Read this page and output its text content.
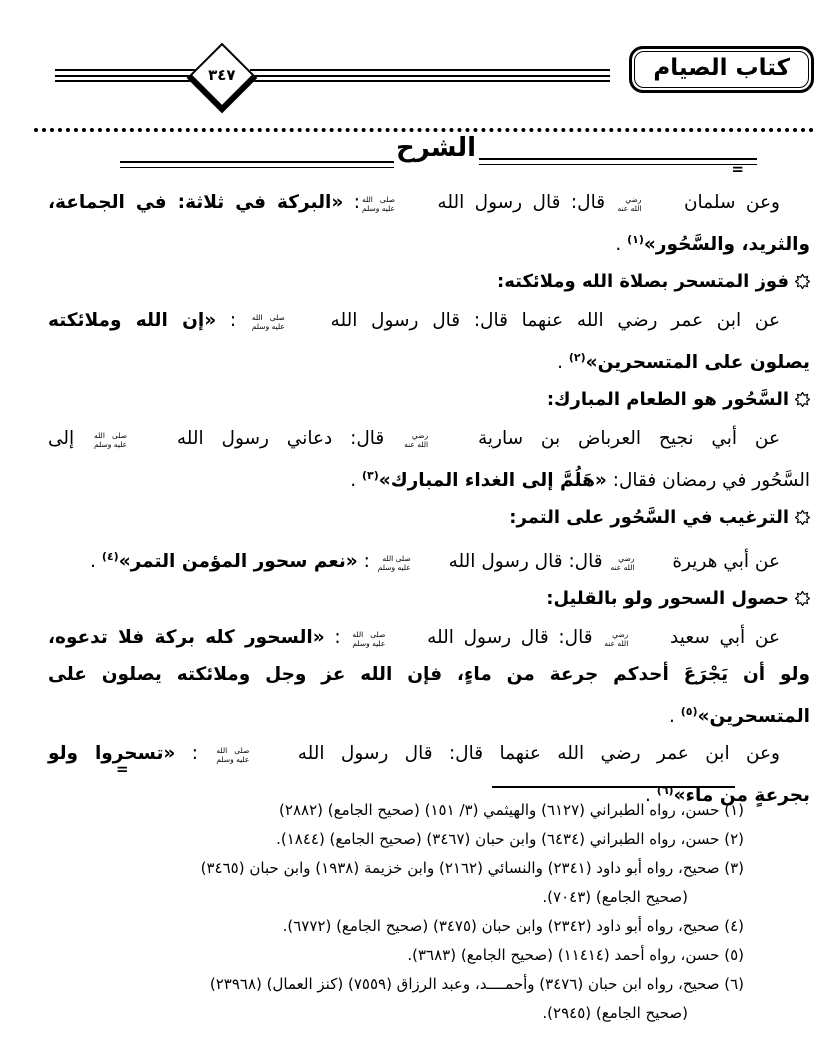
كتاب الصيام
٣٤٧
الشرح
=
وعن سلمان
رضي
الله عنه
قال: قال رسول الله
صلى الله
عليه وسلم
: «البركة في ثلاثة: في الجماعة،
والثريد، والسَّحُور»$^{(١)}$ .
فوز المتسحر بصلاة الله وملائكته:
عن ابن عمر رضي الله عنهما قال: قال رسول الله
صلى الله
عليه وسلم
: «إن الله وملائكته
يصلون على المتسحرين»$^{(٢)}$ .
السَّحُور هو الطعام المبارك:
عن أبي نجيح العرباض بن سارية
رضي
الله عنه
قال: دعاني رسول الله
صلى الله
عليه وسلم
إلى
السَّحُور في رمضان فقال: «هَلُمَّ إلى الغداء المبارك»$^{(٣)}$ .
الترغيب في السَّحُور على التمر:
عن أبي هريرة
رضي
الله عنه
قال: قال رسول الله
صلى الله
عليه وسلم
: «نعم سحور المؤمن التمر»$^{(٤)}$ .
حصول السحور ولو بالقليل:
عن أبي سعيد
رضي
الله عنه
قال: قال رسول الله
صلى الله
عليه وسلم
: «السحور كله بركة فلا تدعوه،
ولو أن يَجْرَعَ أحدكم جرعة من ماءٍ، فإن الله عز وجل وملائكته يصلون على
المتسحرين»$^{(٥)}$ .
وعن ابن عمر رضي الله عنهما قال: قال رسول الله
صلى الله
عليه وسلم
: «تسحروا ولو
بجرعةٍ من ماء»$^{(٦)}$ .
=
(١) حسن، رواه الطبراني (٦١٢٧) والهيثمي (٣/ ١٥١) (صحيح الجامع) (٢٨٨٢)
(٢) حسن، رواه الطبراني (٦٤٣٤) وابن حبان (٣٤٦٧) (صحيح الجامع) (١٨٤٤).
(٣) صحيح، رواه أبو داود (٢٣٤١) والنسائي (٢١٦٢) وابن خزيمة (١٩٣٨) وابن حبان (٣٤٦٥)
(صحيح الجامع) (٧٠٤٣).
(٤) صحيح، رواه أبو داود (٢٣٤٢) وابن حبان (٣٤٧٥) (صحيح الجامع) (٦٧٧٢).
(٥) حسن، رواه أحمد (١١٤١٤) (صحيح الجامع) (٣٦٨٣).
(٦) صحيح، رواه ابن حبان (٣٤٧٦) وأحمــــد، وعبد الرزاق (٧٥٥٩) (كنز العمال) (٢٣٩٦٨)
(صحيح الجامع) (٢٩٤٥).
